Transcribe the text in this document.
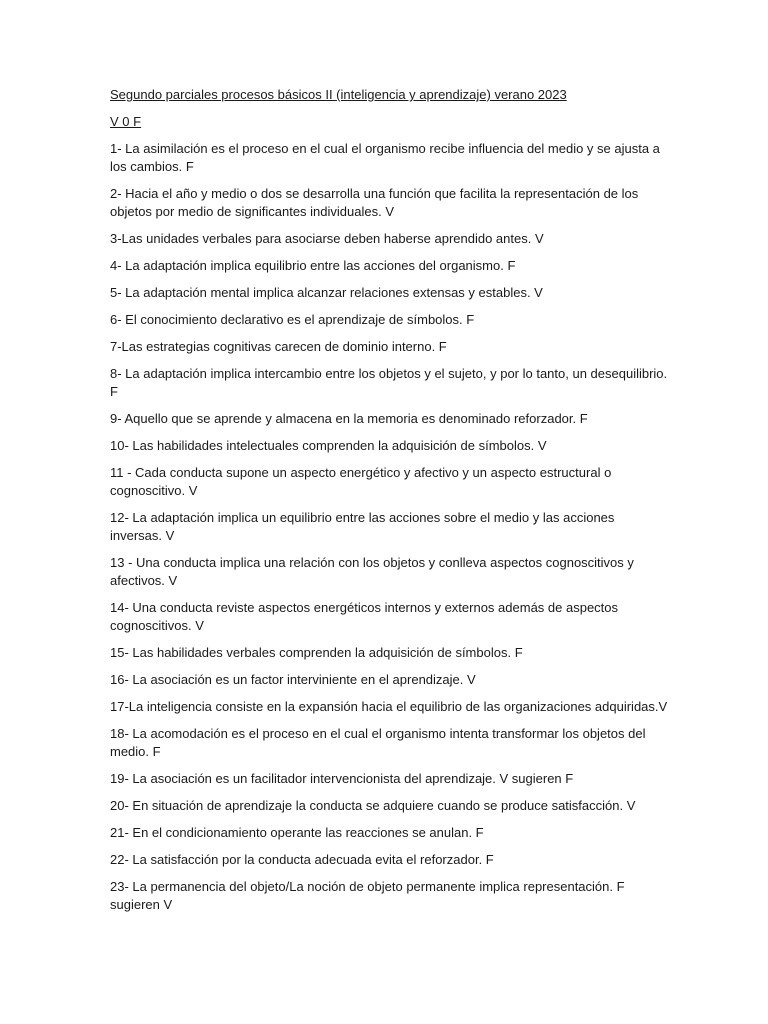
Segundo parciales procesos básicos II (inteligencia y aprendizaje) verano 2023
V 0 F
1- La asimilación es el proceso en el cual el organismo recibe influencia del medio y se ajusta a los cambios. F
2- Hacia el año y medio o dos se desarrolla una función que facilita la representación de los objetos por medio de significantes individuales. V
3-Las unidades verbales para asociarse deben haberse aprendido antes. V
4- La adaptación implica equilibrio entre las acciones del organismo. F
5- La adaptación mental implica alcanzar relaciones extensas y estables. V
6- El conocimiento declarativo es el aprendizaje de símbolos. F
7-Las estrategias cognitivas carecen de dominio interno. F
8- La adaptación implica intercambio entre los objetos y el sujeto, y por lo tanto, un desequilibrio. F
9- Aquello que se aprende y almacena en la memoria es denominado reforzador. F
10- Las habilidades intelectuales comprenden la adquisición de símbolos. V
11 - Cada conducta supone un aspecto energético y afectivo y un aspecto estructural o cognoscitivo. V
12- La adaptación implica un equilibrio entre las acciones sobre el medio y las acciones inversas. V
13 - Una conducta implica una relación con los objetos y conlleva aspectos cognoscitivos y afectivos. V
14- Una conducta reviste aspectos energéticos internos y externos además de aspectos cognoscitivos. V
15- Las habilidades verbales comprenden la adquisición de símbolos. F
16- La asociación es un factor interviniente en el aprendizaje. V
17-La inteligencia consiste en la expansión hacia el equilibrio de las organizaciones adquiridas.V
18- La acomodación es el proceso en el cual el organismo intenta transformar los objetos del medio. F
19- La asociación es un facilitador intervencionista del aprendizaje. V sugieren F
20- En situación de aprendizaje la conducta se adquiere cuando se produce satisfacción. V
21- En el condicionamiento operante las reacciones se anulan. F
22- La satisfacción por la conducta adecuada evita el reforzador. F
23- La permanencia del objeto/La noción de objeto permanente implica representación. F sugieren V
